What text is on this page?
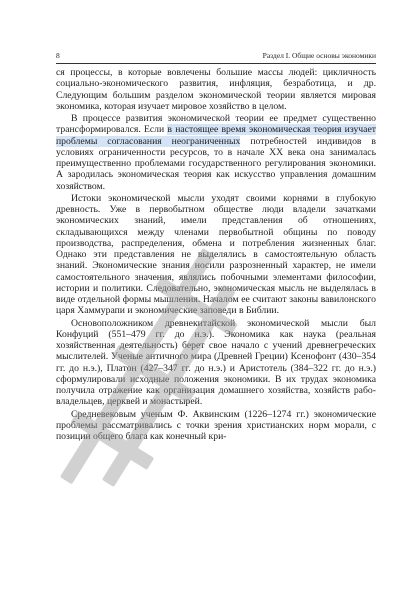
8	Раздел I. Общие основы экономики

ся процессы, в которые вовлечены большие массы людей: цикличность социально-экономического развития, инфляция, безработица, и др. Следующим большим разделом экономической теории является мировая экономика, которая изучает мировое хозяйство в целом.

В процессе развития экономической теории ее предмет существенно трансформировался. Если в настоящее время экономическая теория изучает проблемы согласования неограниченных потребностей индивидов в условиях ограниченности ресурсов, то в начале XX века она занималась преимущественно проблемами государственного регулирования экономики. А зародилась экономическая теория как искусство управления домашним хозяйством.

Истоки экономической мысли уходят своими корнями в глубокую древность. Уже в первобытном обществе люди владели зачатками экономических знаний, имели представления об отношениях, складывающихся между членами первобытной общины по поводу производства, распределения, обмена и потребления жизненных благ. Однако эти представления не выделялись в самостоятельную область знаний. Экономические знания носили разрозненный характер, не имели самостоятельного значения, являлись побочными элементами философии, истории и политики. Следовательно, экономическая мысль не выделялась в виде отдельной формы мышления. Началом ее считают законы вавилонского царя Хаммурапи и экономические заповеди в Библии.

Основоположником древнекитайской экономической мысли был Конфуций (551–479 гг. до н.э.). Экономика как наука (реальная хозяйственная деятельность) берет свое начало с учений древнегреческих мыслителей. Ученые античного мира (Древней Греции) Ксенофонт (430–354 гг. до н.э.), Платон (427–347 гг. до н.э.) и Аристотель (384–322 гг. до н.э.) сформулировали исходные положения экономики. В их трудах экономика получила отражение как организация домашнего хозяйства, хозяйств рабовладельцев, церквей и монастырей.

Средневековым ученым Ф. Аквинским (1226–1274 гг.) экономические проблемы рассматривались с точки зрения христианских норм морали, с позиции общего блага как конечный кри-
